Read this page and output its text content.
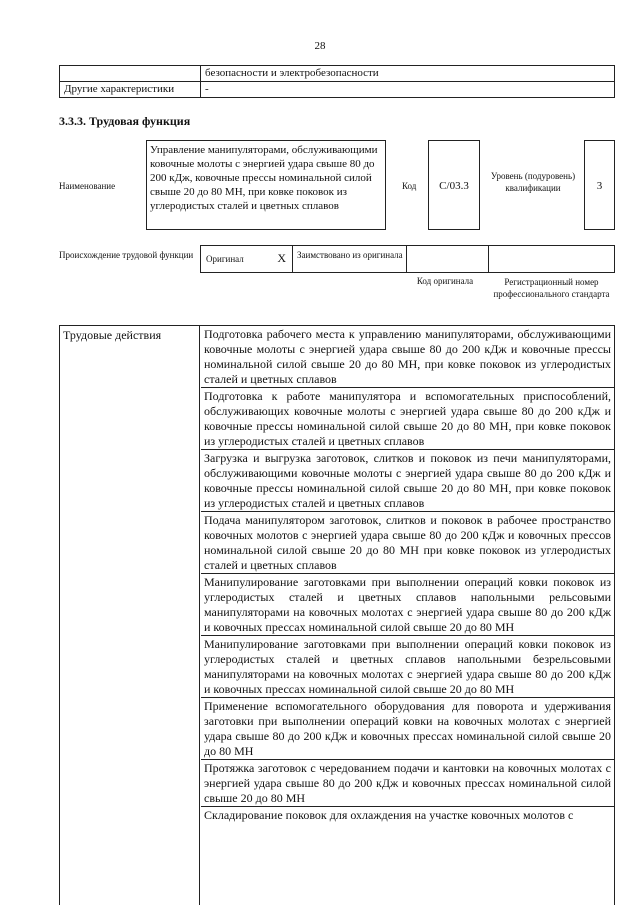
28
	безопасности и электробезопасности
Другие характеристики	-
3.3.3. Трудовая функция
Наименование
Управление манипуляторами, обслуживающими ковочные молоты с энергией удара свыше 80 до 200 кДж, ковочные прессы номинальной силой свыше 20 до 80 МН, при ковке поковок из углеродистых сталей и цветных сплавов
Код	C/03.3
Уровень (подуровень) квалификации	3
Происхождение трудовой функции Оригинал	X Заимствовано из оригинала
Код оригинала	Регистрационный номер профессионального стандарта
Трудовые действия	Подготовка рабочего места к управлению манипуляторами, обслуживающими ковочные молоты с энергией удара свыше 80 до 200 кДж и ковочные прессы номинальной силой свыше 20 до 80 МН, при ковке поковок из углеродистых сталей и цветных сплавов
Подготовка к работе манипулятора и вспомогательных приспособлений, обслуживающих ковочные молоты с энергией удара свыше 80 до 200 кДж и ковочные прессы номинальной силой свыше 20 до 80 МН, при ковке поковок из углеродистых сталей и цветных сплавов
Загрузка и выгрузка заготовок, слитков и поковок из печи манипуляторами, обслуживающими ковочные молоты с энергией удара свыше 80 до 200 кДж и ковочные прессы номинальной силой свыше 20 до 80 МН, при ковке поковок из углеродистых сталей и цветных сплавов
Подача манипулятором заготовок, слитков и поковок в рабочее пространство ковочных молотов с энергией удара свыше 80 до 200 кДж и ковочных прессов номинальной силой свыше 20 до 80 МН при ковке поковок из углеродистых сталей и цветных сплавов
Манипулирование заготовками при выполнении операций ковки поковок из углеродистых сталей и цветных сплавов напольными рельсовыми манипуляторами на ковочных молотах с энергией удара свыше 80 до 200 кДж и ковочных прессах номинальной силой свыше 20 до 80 МН
Манипулирование заготовками при выполнении операций ковки поковок из углеродистых сталей и цветных сплавов напольными безрельсовыми манипуляторами на ковочных молотах с энергией удара свыше 80 до 200 кДж и ковочных прессах номинальной силой свыше 20 до 80 МН
Применение вспомогательного оборудования для поворота и удерживания заготовки при выполнении операций ковки на ковочных молотах с энергией удара свыше 80 до 200 кДж и ковочных прессах номинальной силой свыше 20 до 80 МН
Протяжка заготовок с чередованием подачи и кантовки на ковочных молотах с энергией удара свыше 80 до 200 кДж и ковочных прессах номинальной силой свыше 20 до 80 МН
Складирование поковок для охлаждения на участке ковочных молотов с
